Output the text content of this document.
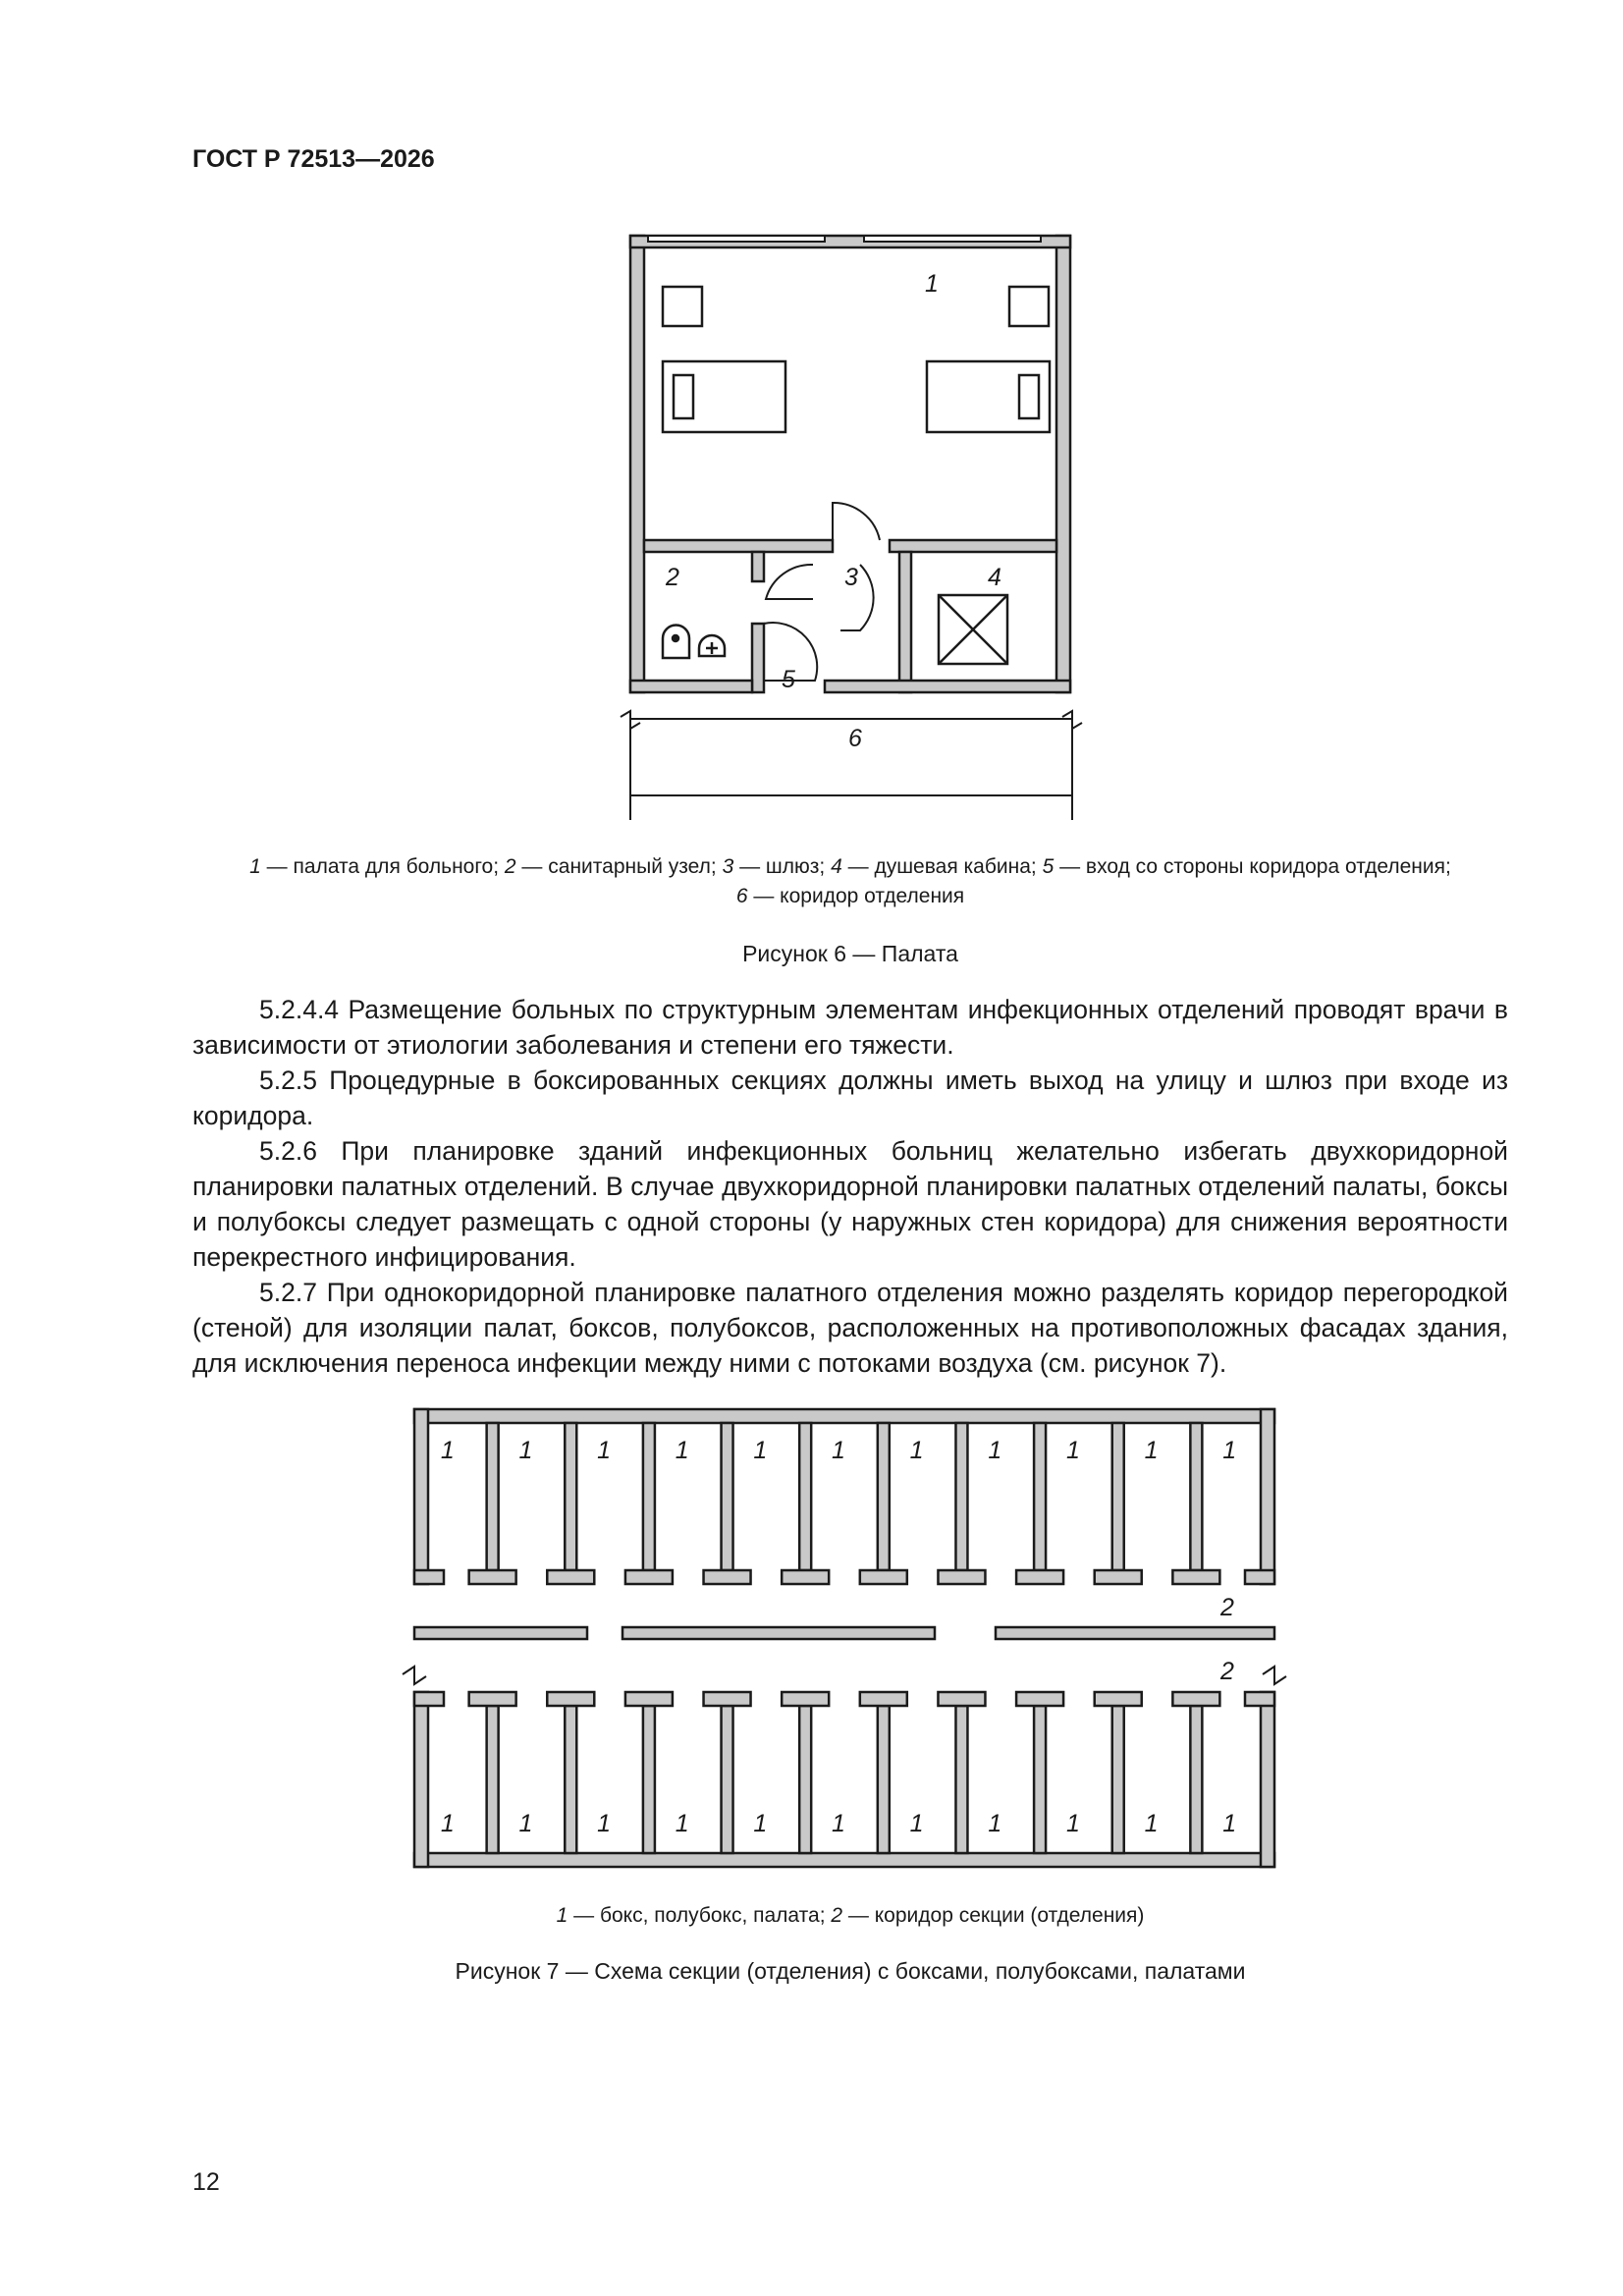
ГОСТ Р 72513—2026
1
2	3	4
5
6
1 — палата для больного; 2 — санитарный узел; 3 — шлюз; 4 — душевая кабина; 5 — вход со стороны коридора отделения;
6 — коридор отделения
Рисунок 6 — Палата

5.2.4.4 Размещение больных по структурным элементам инфекционных отделений проводят врачи в зависимости от этиологии заболевания и степени его тяжести.

5.2.5 Процедурные в боксированных секциях должны иметь выход на улицу и шлюз при входе из коридора.

5.2.6 При планировке зданий инфекционных больниц желательно избегать двухкоридорной планировки палатных отделений. В случае двухкоридорной планировки палатных отделений палаты, боксы и полубоксы следует размещать с одной стороны (у наружных стен коридора) для снижения вероятности перекрестного инфицирования.

5.2.7 При однокоридорной планировке палатного отделения можно разделять коридор перегородкой (стеной) для изоляции палат, боксов, полубоксов, расположенных на противоположных фасадах здания, для исключения переноса инфекции между ними с потоками воздуха (см. рисунок 7).

1	1	1	1	1	1	1	1	1	1	1
1	1	1	1	1	1	1	1	1	1	1
2
2
1 — бокс, полубокс, палата; 2 — коридор секции (отделения)
Рисунок 7 — Схема секции (отделения) с боксами, полубоксами, палатами
12
